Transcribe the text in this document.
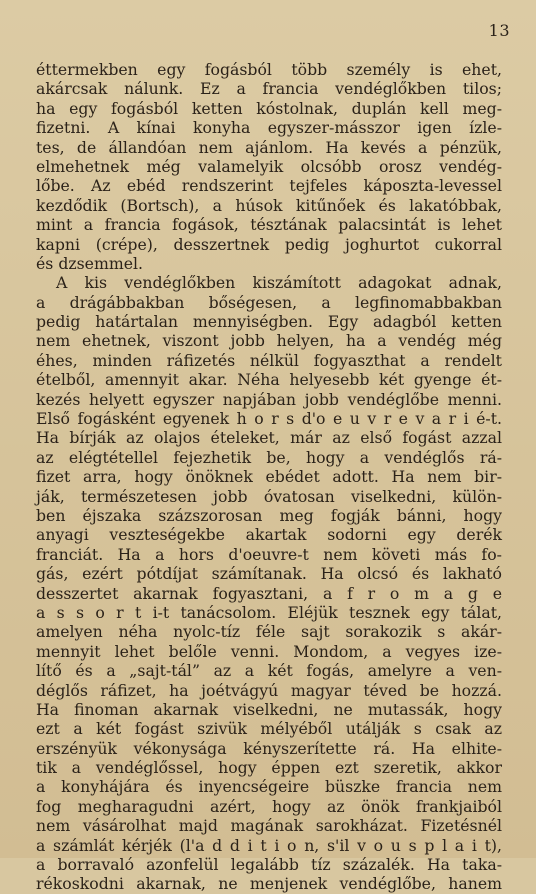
13
éttermekben egy fogásból több személy is ehet,
akárcsak nálunk. Ez a francia vendéglőkben tilos;
ha egy fogásból ketten kóstolnak, duplán kell meg-
fizetni. A kínai konyha egyszer-másszor igen ízle-
tes, de állandóan nem ajánlom. Ha kevés a pénzük,
elmehetnek még valamelyik olcsóbb orosz vendég-
lőbe. Az ebéd rendszerint tejfeles káposzta-levessel
kezdődik (Bortsch), a húsok kitűnőek és lakatóbbak,
mint a francia fogások, tésztának palacsintát is lehet
kapni (crépe), desszertnek pedig joghurtot cukorral
és dzsemmel.
A kis vendéglőkben kiszámított adagokat adnak,
a drágábbakban bőségesen, a legfinomabbakban
pedig határtalan mennyiségben. Egy adagból ketten
nem ehetnek, viszont jobb helyen, ha a vendég még
éhes, minden ráfizetés nélkül fogyaszthat a rendelt
ételből, amennyit akar. Néha helyesebb két gyenge ét-
kezés helyett egyszer napjában jobb vendéglőbe menni.
Első fogásként egyenek h o r s d'o e u v r e v a r i é-t.
Ha bírják az olajos ételeket, már az első fogást azzal
az elégtétellel fejezhetik be, hogy a vendéglős rá-
fizet arra, hogy önöknek ebédet adott. Ha nem bir-
ják, természetesen jobb óvatosan viselkedni, külön-
ben éjszaka százszorosan meg fogják bánni, hogy
anyagi veszteségekbe akartak sodorni egy derék
franciát. Ha a hors d'oeuvre-t nem követi más fo-
gás, ezért pótdíjat számítanak. Ha olcsó és lakható
desszertet akarnak fogyasztani, a f r o m a g e
a s s o r t i-t tanácsolom. Eléjük tesznek egy tálat,
amelyen néha nyolc-tíz féle sajt sorakozik s akár-
mennyit lehet belőle venni. Mondom, a vegyes ize-
lítő és a „sajt-tál” az a két fogás, amelyre a ven-
déglős ráfizet, ha joétvágyú magyar téved be hozzá.
Ha finoman akarnak viselkedni, ne mutassák, hogy
ezt a két fogást szivük mélyéből utálják s csak az
erszényük vékonysága kényszerítette rá. Ha elhite-
tik a vendéglőssel, hogy éppen ezt szeretik, akkor
a konyhájára és inyencségeire büszke francia nem
fog megharagudni azért, hogy az önök frankjaiból
nem vásárolhat majd magának sarokházat. Fizetésnél
a számlát kérjék (l'a d d i t i o n, s'il v o u s p l a i t),
a borravaló azonfelül legalább tíz százalék. Ha taka-
rékoskodni akarnak, ne menjenek vendéglőbe, hanem
